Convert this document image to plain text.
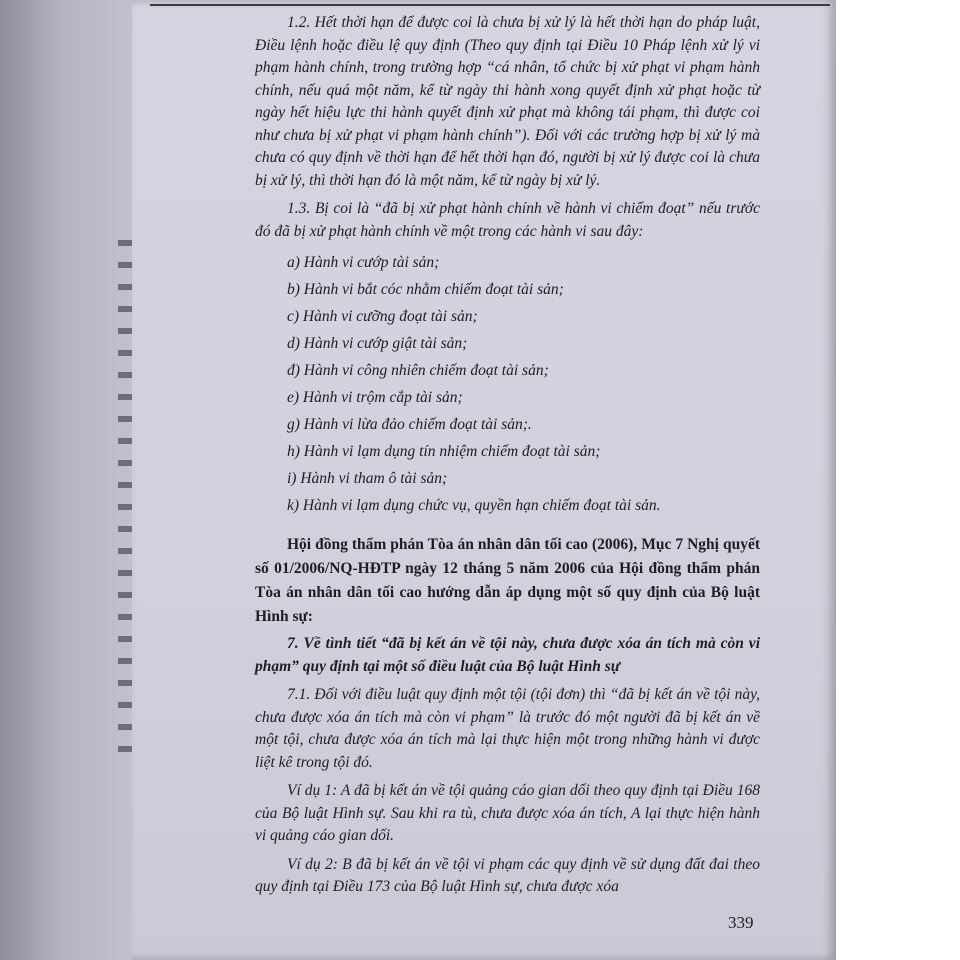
1.2. Hết thời hạn để được coi là chưa bị xử lý là hết thời hạn do pháp luật, Điều lệnh hoặc điều lệ quy định (Theo quy định tại Điều 10 Pháp lệnh xử lý vi phạm hành chính, trong trường hợp “cá nhân, tổ chức bị xử phạt vi phạm hành chính, nếu quá một năm, kể từ ngày thi hành xong quyết định xử phạt hoặc từ ngày hết hiệu lực thi hành quyết định xử phạt mà không tái phạm, thì được coi như chưa bị xử phạt vi phạm hành chính”). Đối với các trường hợp bị xử lý mà chưa có quy định về thời hạn để hết thời hạn đó, người bị xử lý được coi là chưa bị xử lý, thì thời hạn đó là một năm, kể từ ngày bị xử lý.

1.3. Bị coi là “đã bị xử phạt hành chính về hành vi chiếm đoạt” nếu trước đó đã bị xử phạt hành chính về một trong các hành vi sau đây:

a) Hành vi cướp tài sản;
b) Hành vi bắt cóc nhằm chiếm đoạt tài sản;
c) Hành vi cưỡng đoạt tài sản;
d) Hành vi cướp giật tài sản;
đ) Hành vi công nhiên chiếm đoạt tài sản;
e) Hành vi trộm cắp tài sản;
g) Hành vi lừa đảo chiếm đoạt tài sản;.
h) Hành vi lạm dụng tín nhiệm chiếm đoạt tài sản;
i) Hành vi tham ô tài sản;
k) Hành vi lạm dụng chức vụ, quyền hạn chiếm đoạt tài sản.

Hội đồng thẩm phán Tòa án nhân dân tối cao (2006), Mục 7 Nghị quyết số 01/2006/NQ-HĐTP ngày 12 tháng 5 năm 2006 của Hội đồng thẩm phán Tòa án nhân dân tối cao hướng dẫn áp dụng một số quy định của Bộ luật Hình sự:

7. Về tình tiết “đã bị kết án về tội này, chưa được xóa án tích mà còn vi phạm” quy định tại một số điều luật của Bộ luật Hình sự

7.1. Đối với điều luật quy định một tội (tội đơn) thì “đã bị kết án về tội này, chưa được xóa án tích mà còn vi phạm” là trước đó một người đã bị kết án về một tội, chưa được xóa án tích mà lại thực hiện một trong những hành vi được liệt kê trong tội đó.

Ví dụ 1: A đã bị kết án về tội quảng cáo gian dối theo quy định tại Điều 168 của Bộ luật Hình sự. Sau khi ra tù, chưa được xóa án tích, A lại thực hiện hành vi quảng cáo gian dối.

Ví dụ 2: B đã bị kết án về tội vi phạm các quy định về sử dụng đất đai theo quy định tại Điều 173 của Bộ luật Hình sự, chưa được xóa

339
